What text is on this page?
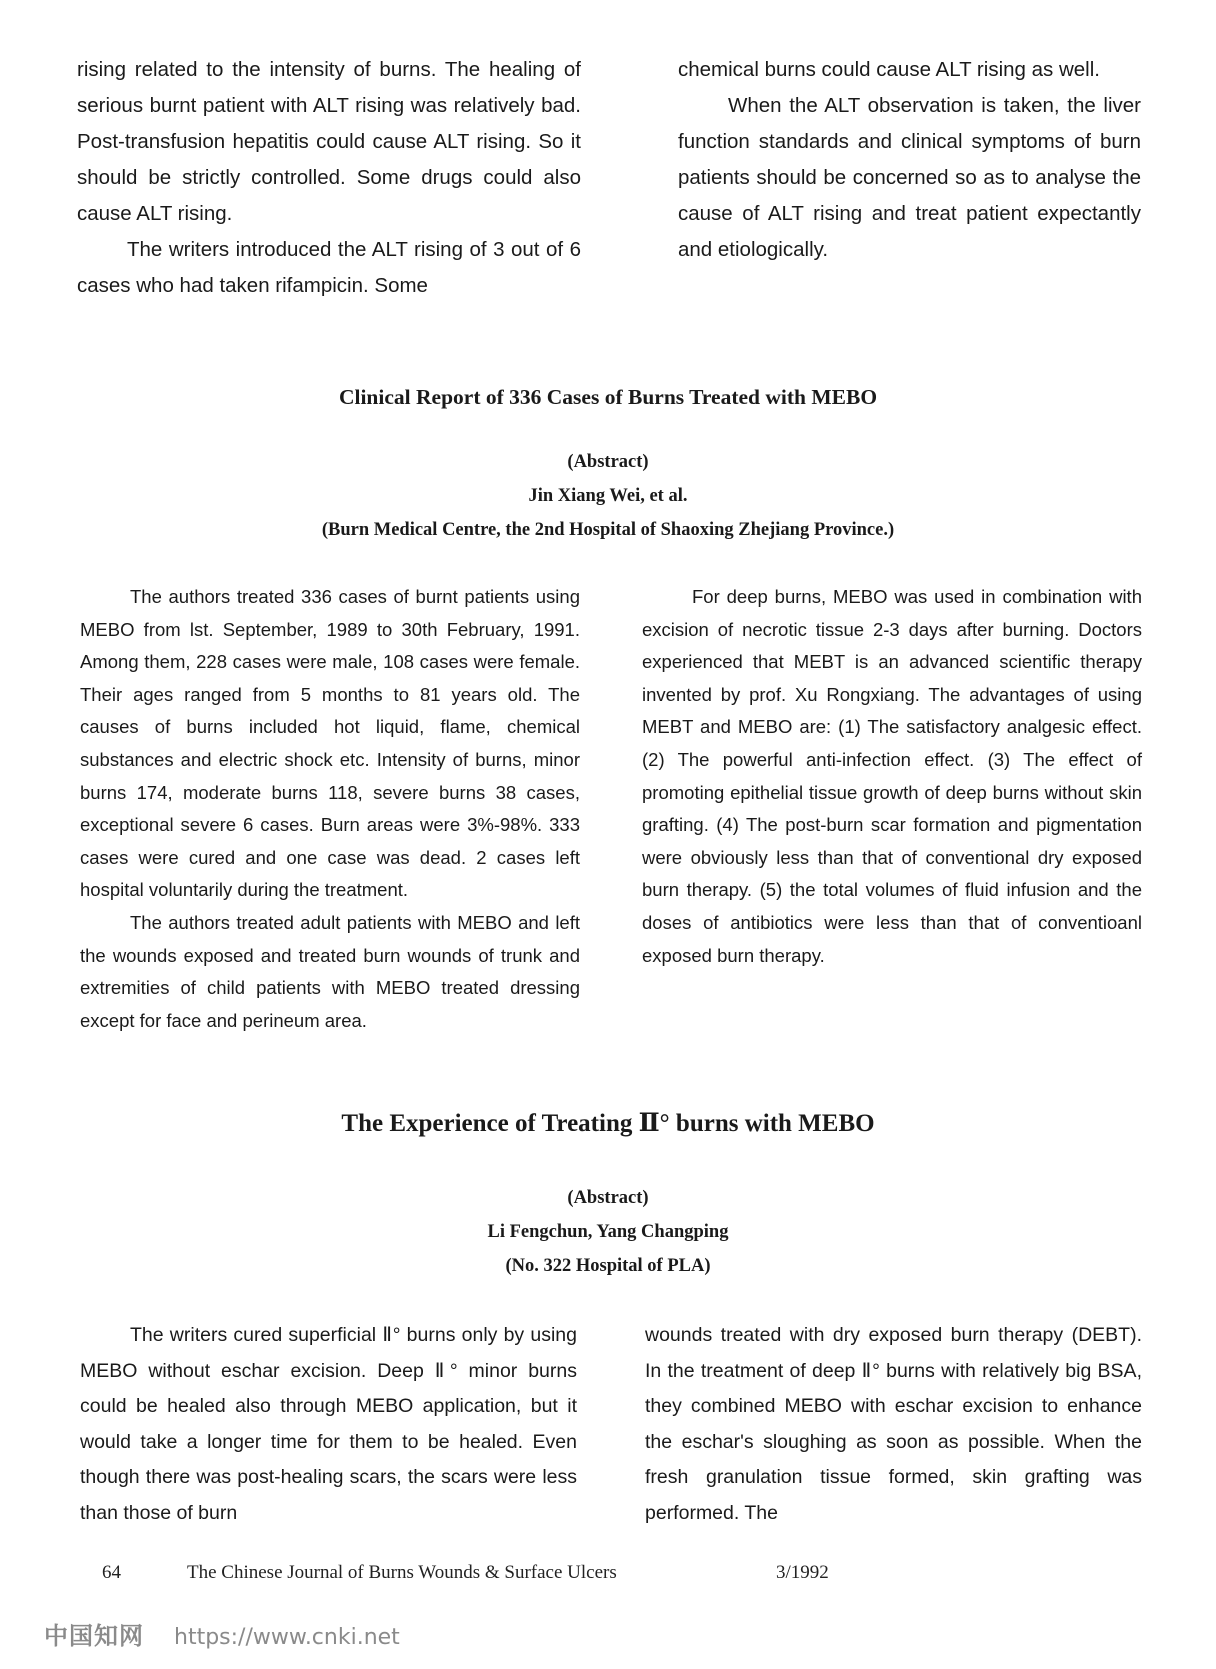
rising related to the intensity of burns. The healing of serious burnt patient with ALT rising was relatively bad. Post-transfusion hepatitis could cause ALT rising. So it should be strictly controlled. Some drugs could also cause ALT rising.

The writers introduced the ALT rising of 3 out of 6 cases who had taken rifampicin. Some

chemical burns could cause ALT rising as well.

When the ALT observation is taken, the liver function standards and clinical symptoms of burn patients should be concerned so as to analyse the cause of ALT rising and treat patient expectantly and etiologically.

Clinical Report of 336 Cases of Burns Treated with MEBO
(Abstract)
Jin Xiang Wei, et al.
(Burn Medical Centre, the 2nd Hospital of Shaoxing Zhejiang Province.)

The authors treated 336 cases of burnt patients using MEBO from lst. September, 1989 to 30th February, 1991. Among them, 228 cases were male, 108 cases were female. Their ages ranged from 5 months to 81 years old. The causes of burns included hot liquid, flame, chemical substances and electric shock etc. Intensity of burns, minor burns 174, moderate burns 118, severe burns 38 cases, exceptional severe 6 cases. Burn areas were 3%-98%. 333 cases were cured and one case was dead. 2 cases left hospital voluntarily during the treatment.

The authors treated adult patients with MEBO and left the wounds exposed and treated burn wounds of trunk and extremities of child patients with MEBO treated dressing except for face and perineum area.

For deep burns, MEBO was used in combination with excision of necrotic tissue 2-3 days after burning. Doctors experienced that MEBT is an advanced scientific therapy invented by prof. Xu Rongxiang. The advantages of using MEBT and MEBO are: (1) The satisfactory analgesic effect. (2) The powerful anti-infection effect. (3) The effect of promoting epithelial tissue growth of deep burns without skin grafting. (4) The post-burn scar formation and pigmentation were obviously less than that of conventional dry exposed burn therapy. (5) the total volumes of fluid infusion and the doses of antibiotics were less than that of conventioanl exposed burn therapy.

The Experience of Treating Ⅱ° burns with MEBO
(Abstract)
Li Fengchun, Yang Changping
(No. 322 Hospital of PLA)

The writers cured superficial Ⅱ° burns only by using MEBO without eschar excision. Deep Ⅱ° minor burns could be healed also through MEBO application, but it would take a longer time for them to be healed. Even though there was post-healing scars, the scars were less than those of burn

wounds treated with dry exposed burn therapy (DEBT). In the treatment of deep Ⅱ° burns with relatively big BSA, they combined MEBO with eschar excision to enhance the eschar's sloughing as soon as possible. When the fresh granulation tissue formed, skin grafting was performed. The

64	The Chinese Journal of Burns Wounds & Surface Ulcers	3/1992
中国知网 https://www.cnki.net
